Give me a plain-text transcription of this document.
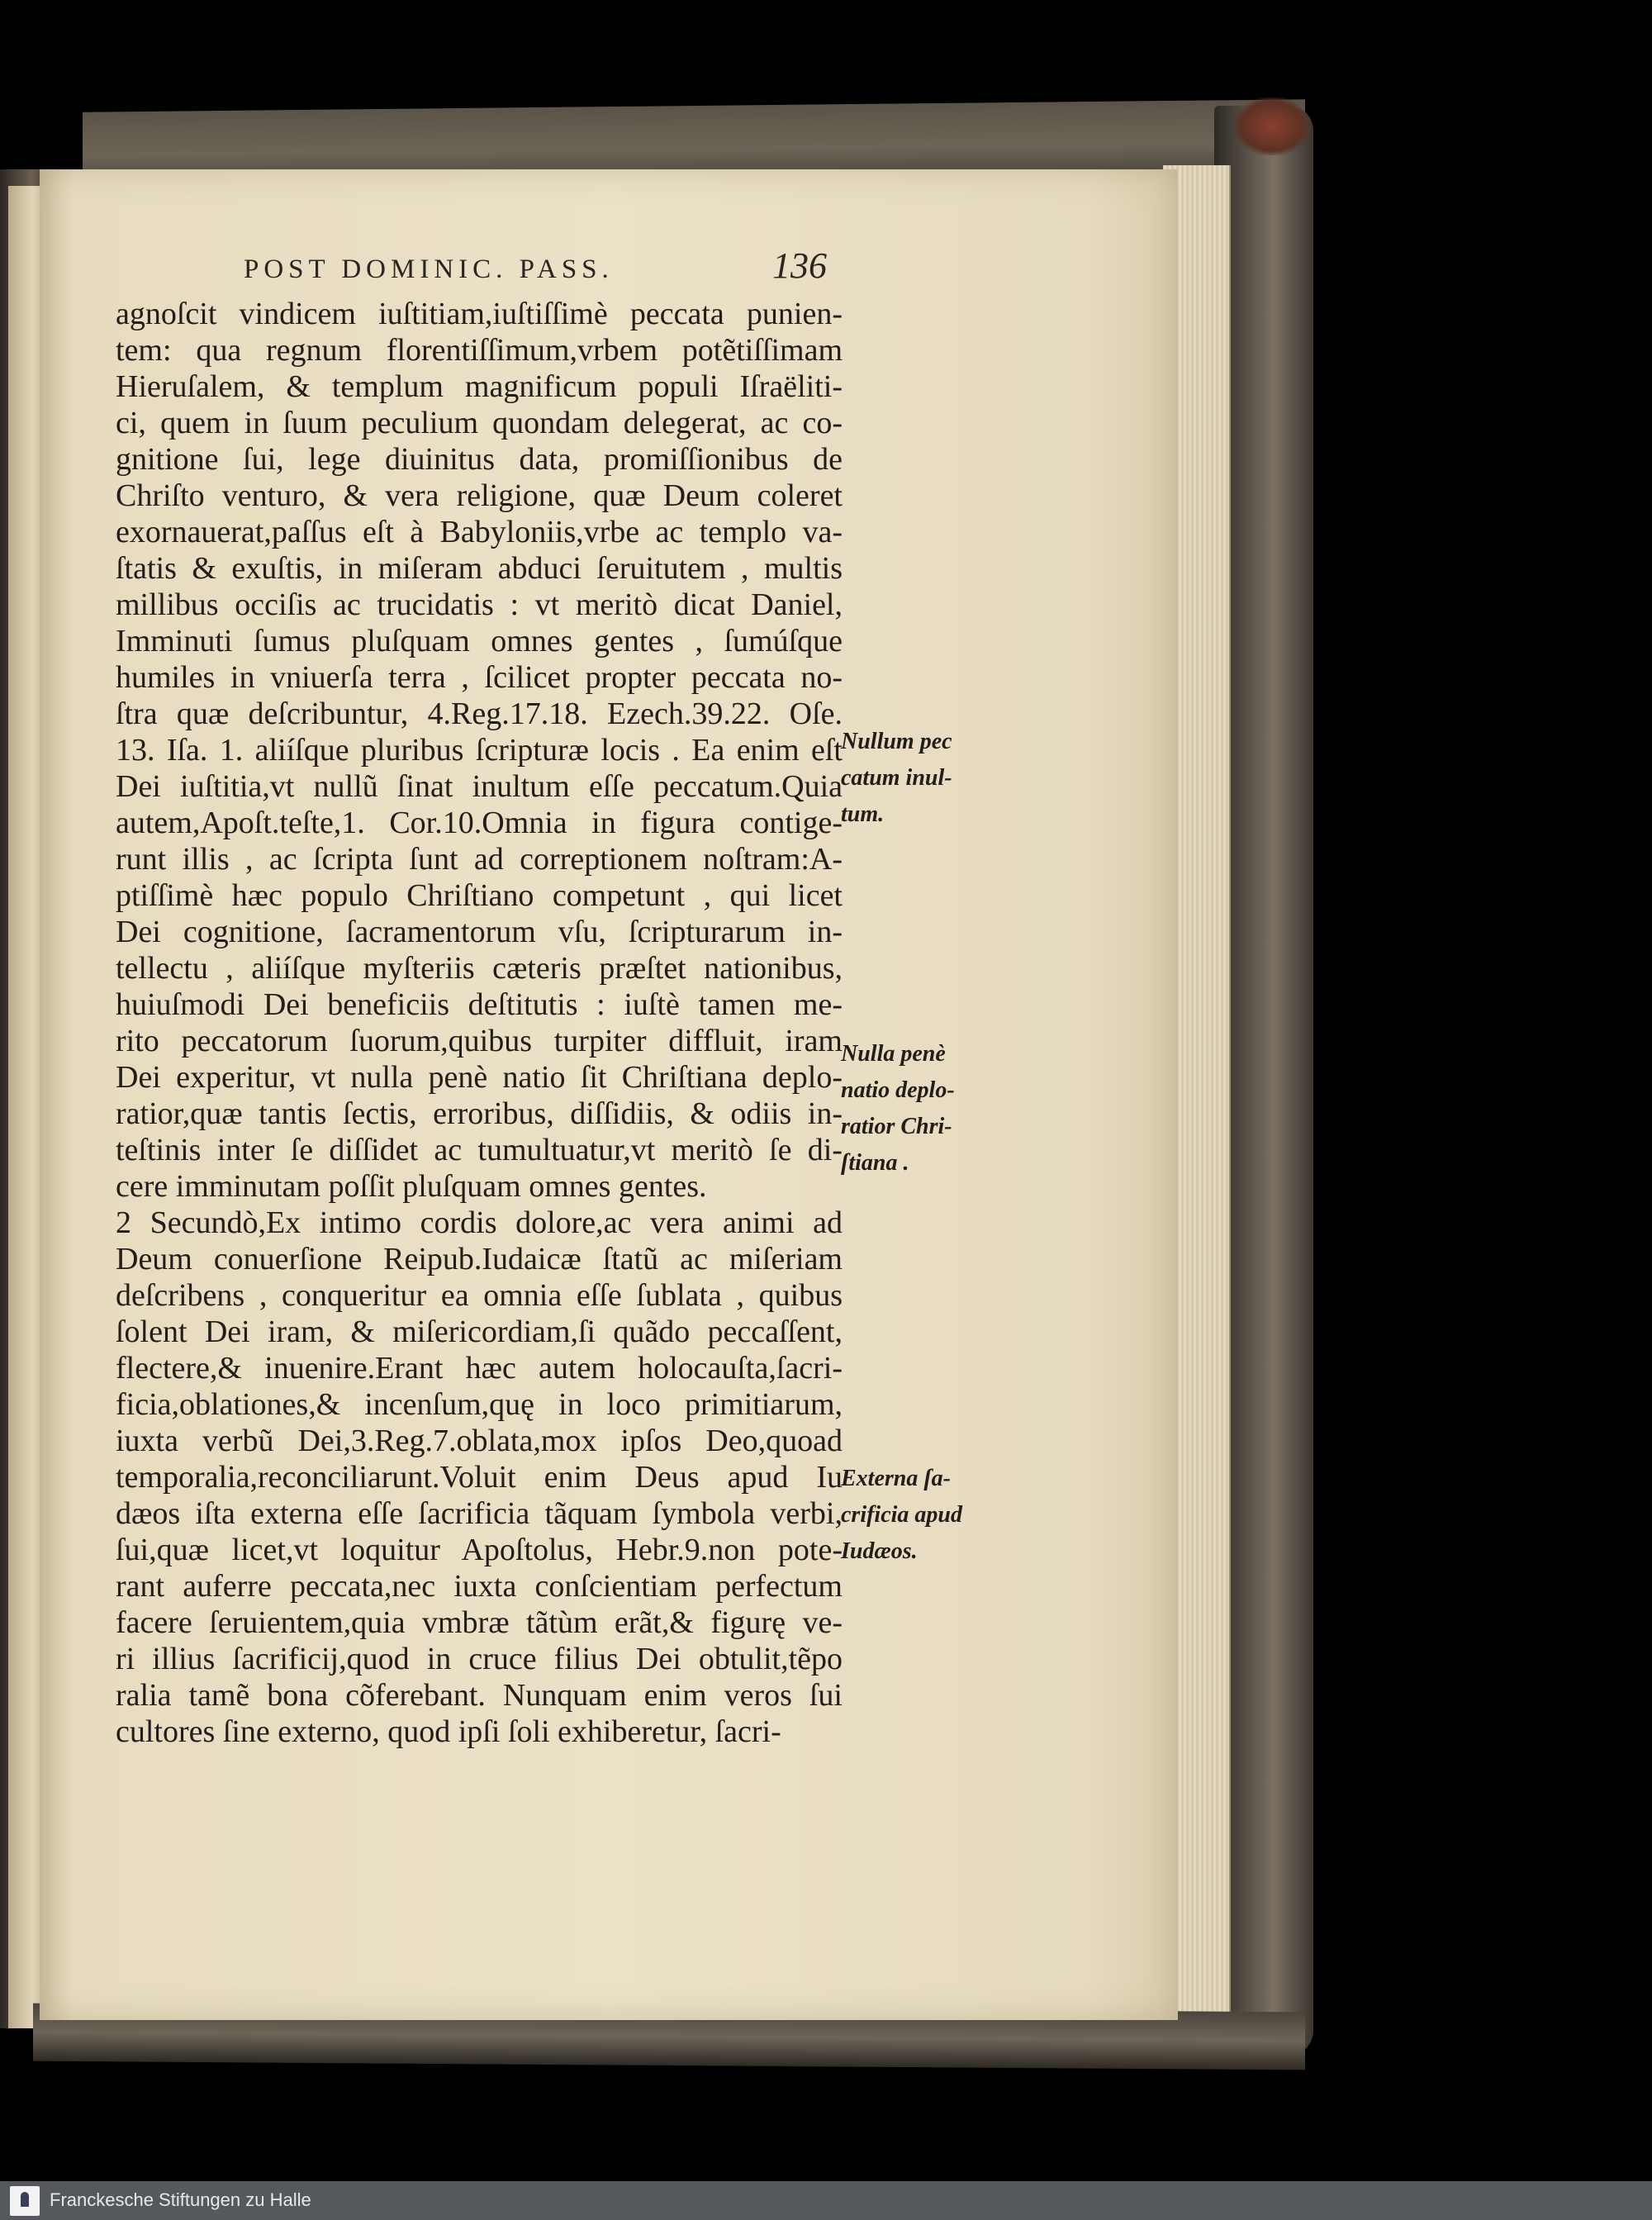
POST DOMINIC. PASS.	136
agnoſcit vindicem iuſtitiam,iuſtiſſimè peccata punien-
tem: qua regnum florentiſſimum,vrbem potẽtiſſimam
Hieruſalem, & templum magnificum populi Iſraëliti-
ci, quem in ſuum peculium quondam delegerat, ac co-
gnitione ſui, lege diuinitus data, promiſſionibus de
Chriſto venturo, & vera religione, quæ Deum coleret
exornauerat,paſſus eſt à Babyloniis,vrbe ac templo va-
ſtatis & exuſtis, in miſeram abduci ſeruitutem , multis
millibus occiſis ac trucidatis : vt meritò dicat Daniel,
Imminuti ſumus pluſquam omnes gentes , ſumúſque
humiles in vniuerſa terra , ſcilicet propter peccata no-
ſtra quæ deſcribuntur, 4.Reg.17.18. Ezech.39.22. Oſe.
13. Iſa. 1. aliíſque pluribus ſcripturæ locis . Ea enim eſt
Dei iuſtitia,vt nullũ ſinat inultum eſſe peccatum.Quia
autem,Apoſt.teſte,1. Cor.10.Omnia in figura contige-
runt illis , ac ſcripta ſunt ad correptionem noſtram:A-
ptiſſimè hæc populo Chriſtiano competunt , qui licet
Dei cognitione, ſacramentorum vſu, ſcripturarum in-
tellectu , aliíſque myſteriis cæteris præſtet nationibus,
huiuſmodi Dei beneficiis deſtitutis : iuſtè tamen me-
rito peccatorum ſuorum,quibus turpiter diffluit, iram
Dei experitur, vt nulla penè natio ſit Chriſtiana deplo-
ratior,quæ tantis ſectis, erroribus, diſſidiis, & odiis in-
teſtinis inter ſe diſſidet ac tumultuatur,vt meritò ſe di-
cere imminutam poſſit pluſquam omnes gentes.
2 Secundò,Ex intimo cordis dolore,ac vera animi ad
Deum conuerſione Reipub.Iudaicæ ſtatũ ac miſeriam
deſcribens , conqueritur ea omnia eſſe ſublata , quibus
ſolent Dei iram, & miſericordiam,ſi quãdo peccaſſent,
flectere,& inuenire.Erant hæc autem holocauſta,ſacri-
ficia,oblationes,& incenſum,quę in loco primitiarum,
iuxta verbũ Dei,3.Reg.7.oblata,mox ipſos Deo,quoad
temporalia,reconciliarunt.Voluit enim Deus apud Iu
dæos iſta externa eſſe ſacrificia tãquam ſymbola verbi,
ſui,quæ licet,vt loquitur Apoſtolus, Hebr.9.non pote-
rant auferre peccata,nec iuxta conſcientiam perfectum
facere ſeruientem,quia vmbræ tãtùm erãt,& figurę ve-
ri illius ſacrificij,quod in cruce filius Dei obtulit,tẽpo
ralia tamẽ bona cõferebant. Nunquam enim veros ſui
cultores ſine externo, quod ipſi ſoli exhiberetur, ſacri-
Nullum pec
catum inul-
tum.
Nulla penè
natio deplo-
ratior Chri-
ſtiana .
Externa ſa-
crificia apud
Iudæos.
Franckesche Stiftungen zu Halle
